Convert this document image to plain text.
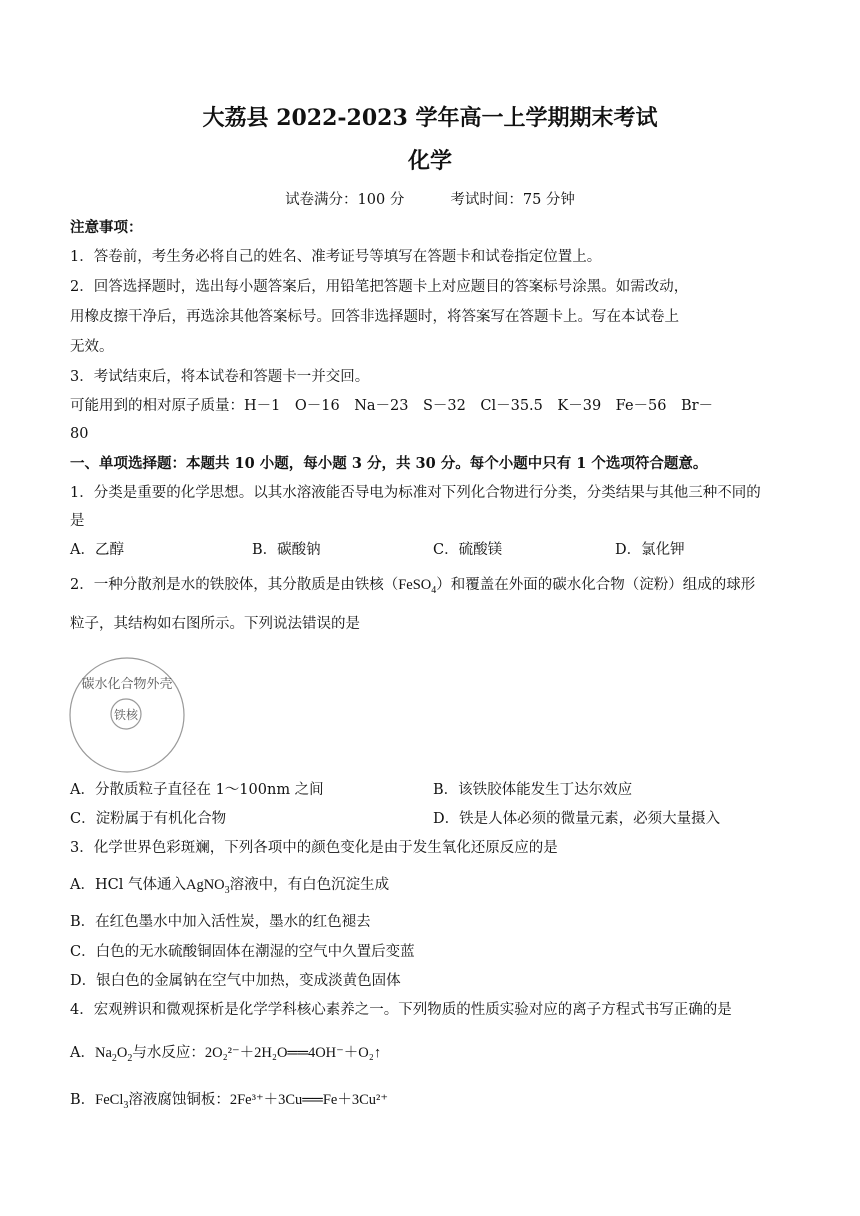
大荔县 2022-2023 学年高一上学期期末考试
化学
试卷满分：100 分	考试时间：75 分钟
注意事项：
1．答卷前，考生务必将自己的姓名、准考证号等填写在答题卡和试卷指定位置上。
2．回答选择题时，选出每小题答案后，用铅笔把答题卡上对应题目的答案标号涂黑。如需改动，
用橡皮擦干净后，再选涂其他答案标号。回答非选择题时，将答案写在答题卡上。写在本试卷上
无效。
3．考试结束后，将本试卷和答题卡一并交回。
可能用到的相对原子质量：H－1　O－16　Na－23　S－32　Cl－35.5　K－39　Fe－56　Br－
80
一、单项选择题：本题共 10 小题，每小题 3 分，共 30 分。每个小题中只有 1 个选项符合题意。
1．分类是重要的化学思想。以其水溶液能否导电为标准对下列化合物进行分类，分类结果与其他三种不同的
是
A．乙醇	B．碳酸钠	C．硫酸镁	D．氯化钾
2．一种分散剂是水的铁胶体，其分散质是由铁核（FeSO$_4$）和覆盖在外面的碳水化合物（淀粉）组成的球形
粒子，其结构如右图所示。下列说法错误的是
碳水化合物外壳
铁核
A．分散质粒子直径在 1～100nm 之间	B．该铁胶体能发生丁达尔效应
C．淀粉属于有机化合物	D．铁是人体必须的微量元素，必须大量摄入
3．化学世界色彩斑斓，下列各项中的颜色变化是由于发生氧化还原反应的是
A．HCl 气体通入AgNO$_3$溶液中，有白色沉淀生成
B．在红色墨水中加入活性炭，墨水的红色褪去
C．白色的无水硫酸铜固体在潮湿的空气中久置后变蓝
D．银白色的金属钠在空气中加热，变成淡黄色固体
4．宏观辨识和微观探析是化学学科核心素养之一。下列物质的性质实验对应的离子方程式书写正确的是
A．$Na_2O_2$与水反应：2O₂²⁻＋2H₂O══4OH⁻＋O₂↑
B．FeCl$_3$溶液腐蚀铜板：2Fe³⁺＋3Cu══Fe＋3Cu²⁺
